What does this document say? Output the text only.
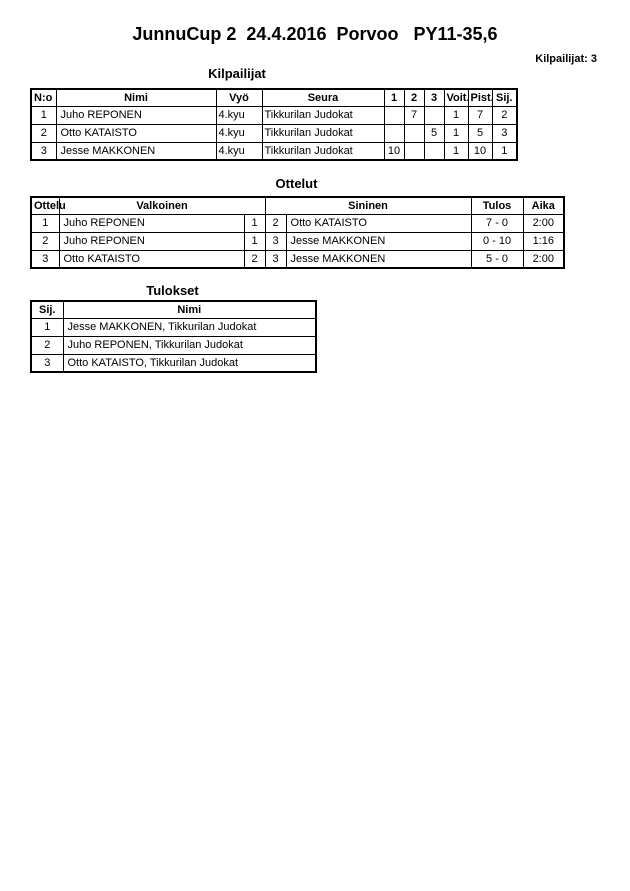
JunnuCup 2  24.4.2016  Porvoo   PY11-35,6
Kilpailijat: 3
Kilpailijat
N:o	Nimi	Vyö	Seura	1	2	3	Voit.	Pist.	Sij.
1	Juho REPONEN	4.kyu	Tikkurilan Judokat		7		1	7	2
2	Otto KATAISTO	4.kyu	Tikkurilan Judokat			5	1	5	3
3	Jesse MAKKONEN	4.kyu	Tikkurilan Judokat	10			1	10	1
Ottelut
Ottelu	Valkoinen		Sininen		Tulos	Aika
1	Juho REPONEN	1	2	Otto KATAISTO	7 - 0	2:00
2	Juho REPONEN	1	3	Jesse MAKKONEN	0 - 10	1:16
3	Otto KATAISTO	2	3	Jesse MAKKONEN	5 - 0	2:00
Tulokset
Sij.	Nimi
1	Jesse MAKKONEN, Tikkurilan Judokat
2	Juho REPONEN, Tikkurilan Judokat
3	Otto KATAISTO, Tikkurilan Judokat
